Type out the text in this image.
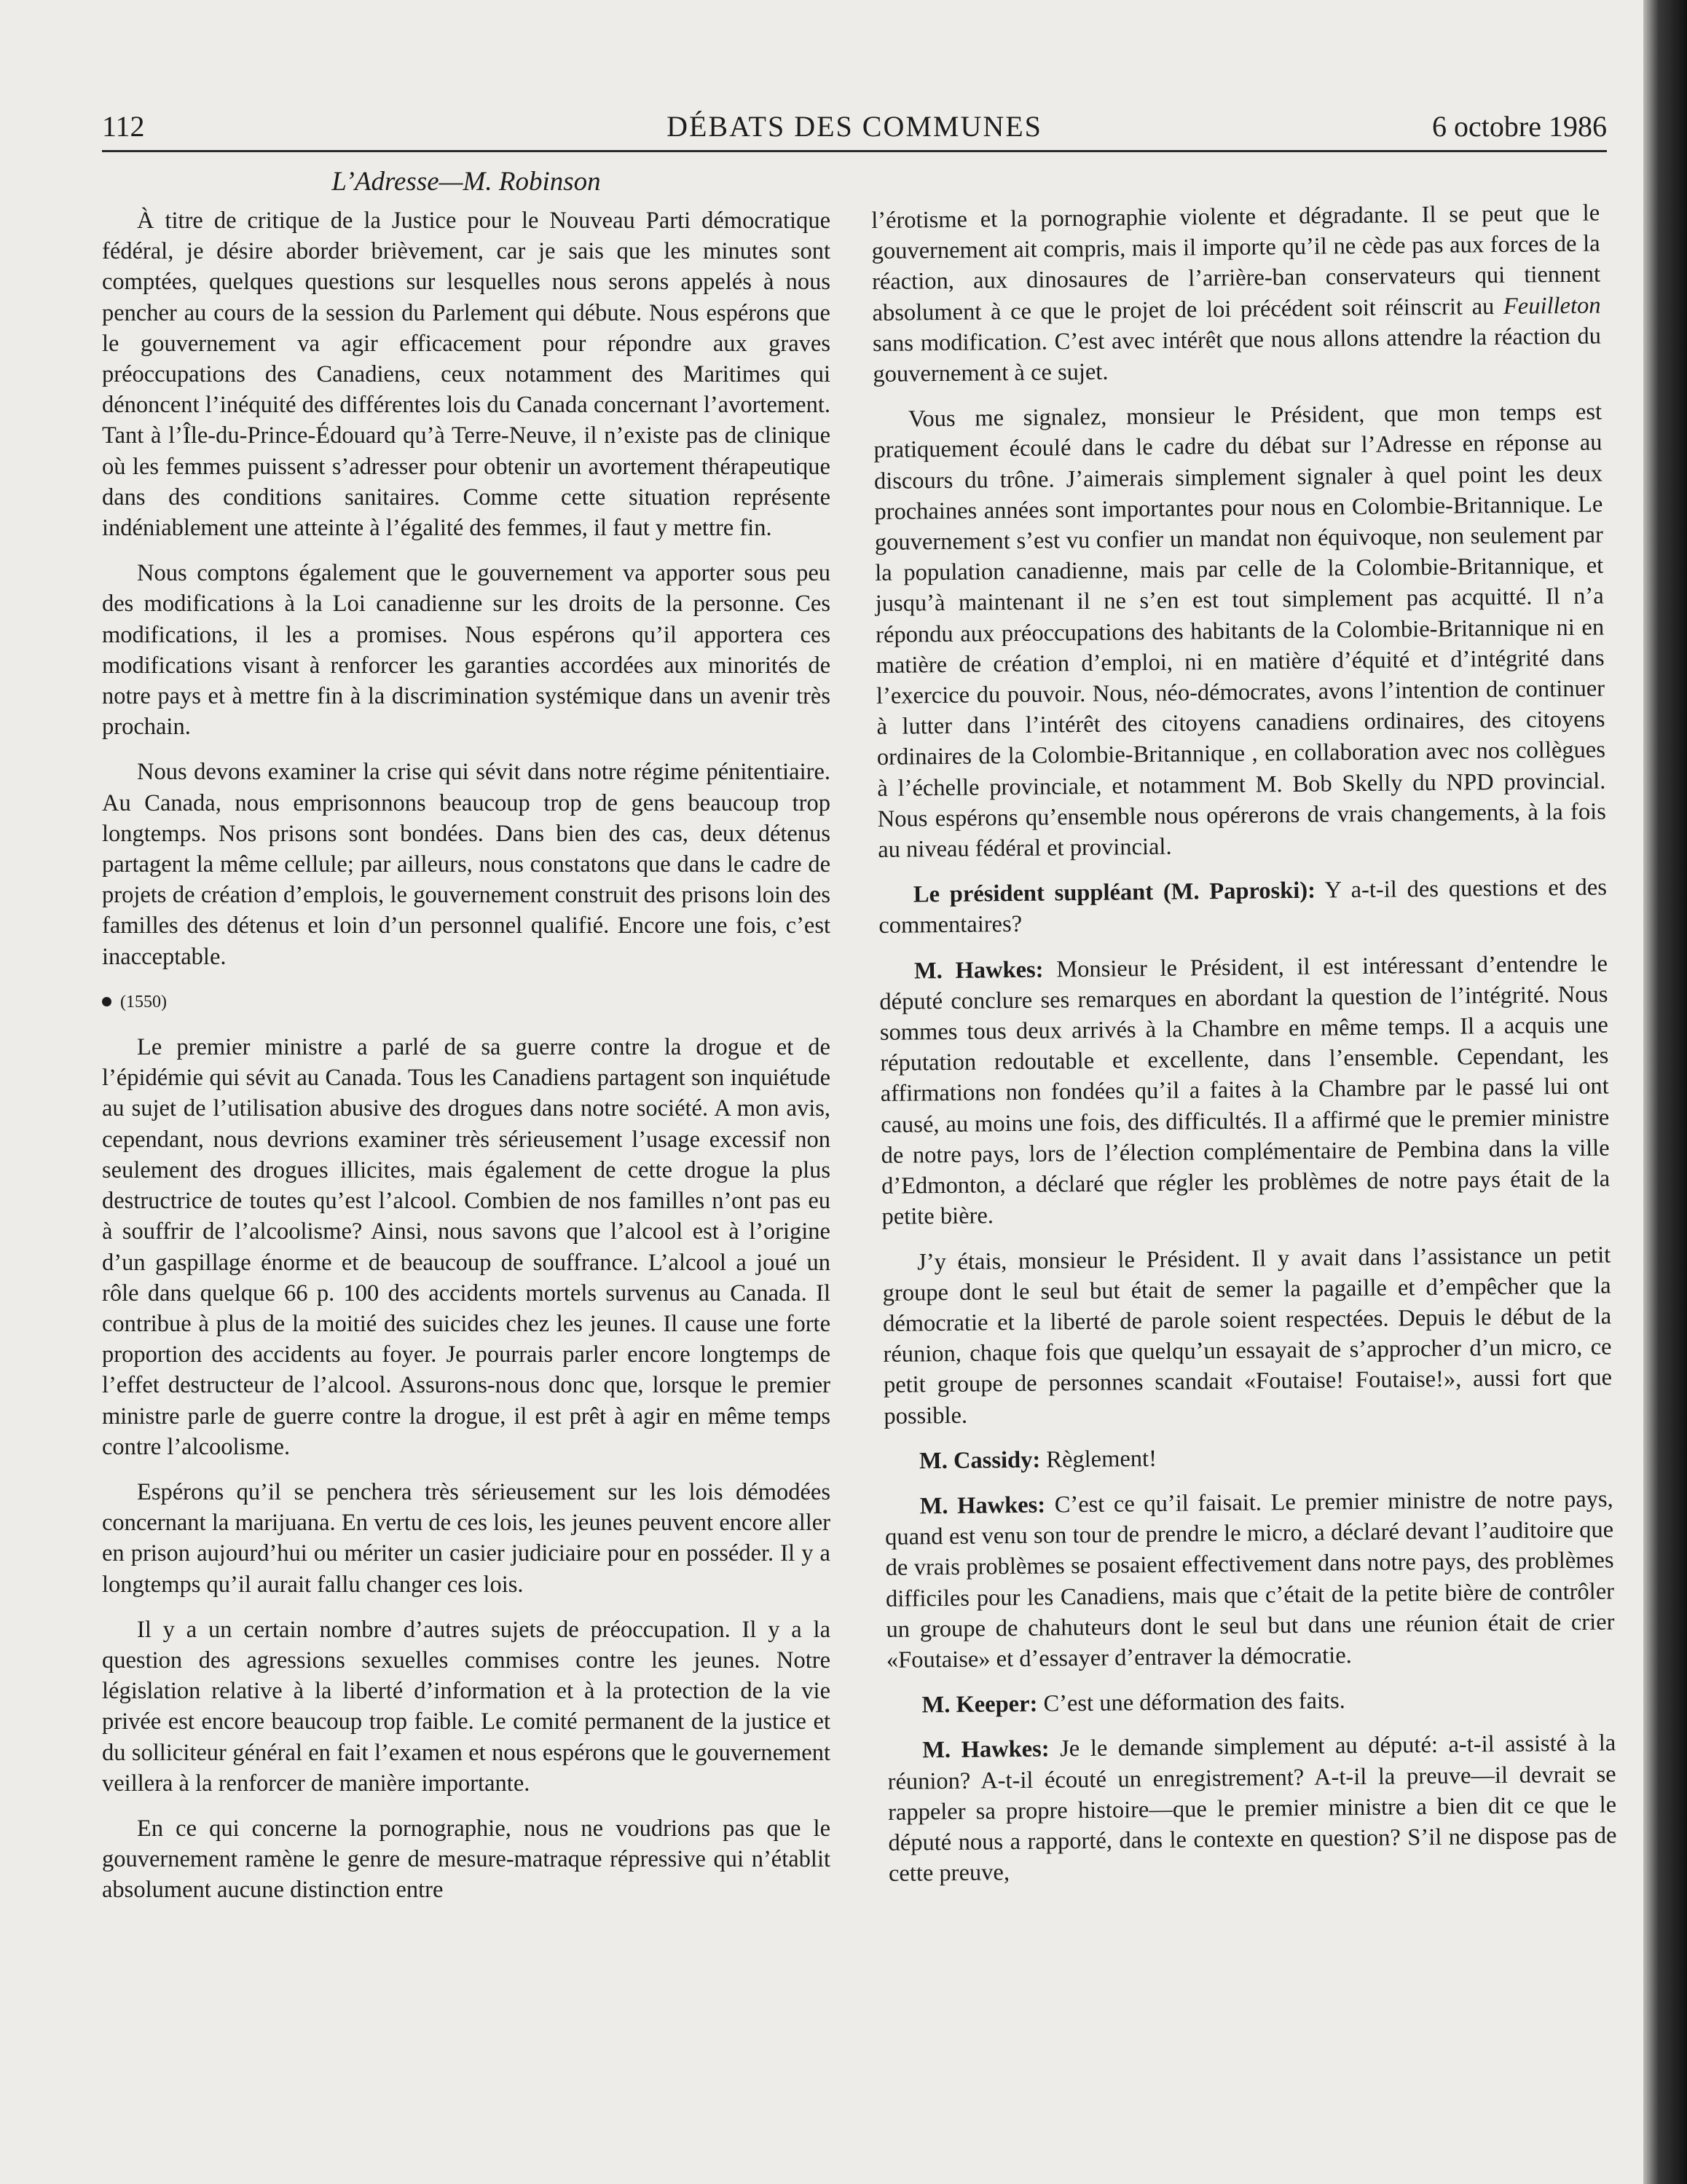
112	DÉBATS DES COMMUNES	6 octobre 1986
L’Adresse—M. Robinson

À titre de critique de la Justice pour le Nouveau Parti démocratique fédéral, je désire aborder brièvement, car je sais que les minutes sont comptées, quelques questions sur lesquelles nous serons appelés à nous pencher au cours de la session du Parlement qui débute. Nous espérons que le gouvernement va agir efficacement pour répondre aux graves préoccupations des Canadiens, ceux notamment des Maritimes qui dénoncent l’inéquité des différentes lois du Canada concernant l’avortement. Tant à l’Île-du-Prince-Édouard qu’à Terre-Neuve, il n’existe pas de clinique où les femmes puissent s’adresser pour obtenir un avortement thérapeutique dans des conditions sanitaires. Comme cette situation représente indéniablement une atteinte à l’égalité des femmes, il faut y mettre fin.

Nous comptons également que le gouvernement va apporter sous peu des modifications à la Loi canadienne sur les droits de la personne. Ces modifications, il les a promises. Nous espérons qu’il apportera ces modifications visant à renforcer les garanties accordées aux minorités de notre pays et à mettre fin à la discrimination systémique dans un avenir très prochain.

Nous devons examiner la crise qui sévit dans notre régime pénitentiaire. Au Canada, nous emprisonnons beaucoup trop de gens beaucoup trop longtemps. Nos prisons sont bondées. Dans bien des cas, deux détenus partagent la même cellule; par ailleurs, nous constatons que dans le cadre de projets de création d’emplois, le gouvernement construit des prisons loin des familles des détenus et loin d’un personnel qualifié. Encore une fois, c’est inacceptable.

(1550)

Le premier ministre a parlé de sa guerre contre la drogue et de l’épidémie qui sévit au Canada. Tous les Canadiens partagent son inquiétude au sujet de l’utilisation abusive des drogues dans notre société. A mon avis, cependant, nous devrions examiner très sérieusement l’usage excessif non seulement des drogues illicites, mais également de cette drogue la plus destructrice de toutes qu’est l’alcool. Combien de nos familles n’ont pas eu à souffrir de l’alcoolisme? Ainsi, nous savons que l’alcool est à l’origine d’un gaspillage énorme et de beaucoup de souffrance. L’alcool a joué un rôle dans quelque 66 p. 100 des accidents mortels survenus au Canada. Il contribue à plus de la moitié des suicides chez les jeunes. Il cause une forte proportion des accidents au foyer. Je pourrais parler encore longtemps de l’effet destructeur de l’alcool. Assurons-nous donc que, lorsque le premier ministre parle de guerre contre la drogue, il est prêt à agir en même temps contre l’alcoolisme.

Espérons qu’il se penchera très sérieusement sur les lois démodées concernant la marijuana. En vertu de ces lois, les jeunes peuvent encore aller en prison aujourd’hui ou mériter un casier judiciaire pour en posséder. Il y a longtemps qu’il aurait fallu changer ces lois.

Il y a un certain nombre d’autres sujets de préoccupation. Il y a la question des agressions sexuelles commises contre les jeunes. Notre législation relative à la liberté d’information et à la protection de la vie privée est encore beaucoup trop faible. Le comité permanent de la justice et du solliciteur général en fait l’examen et nous espérons que le gouvernement veillera à la renforcer de manière importante.

En ce qui concerne la pornographie, nous ne voudrions pas que le gouvernement ramène le genre de mesure-matraque répressive qui n’établit absolument aucune distinction entre

l’érotisme et la pornographie violente et dégradante. Il se peut que le gouvernement ait compris, mais il importe qu’il ne cède pas aux forces de la réaction, aux dinosaures de l’arrière-ban conservateurs qui tiennent absolument à ce que le projet de loi précédent soit réinscrit au Feuilleton sans modification. C’est avec intérêt que nous allons attendre la réaction du gouvernement à ce sujet.

Vous me signalez, monsieur le Président, que mon temps est pratiquement écoulé dans le cadre du débat sur l’Adresse en réponse au discours du trône. J’aimerais simplement signaler à quel point les deux prochaines années sont importantes pour nous en Colombie-Britannique. Le gouvernement s’est vu confier un mandat non équivoque, non seulement par la population canadienne, mais par celle de la Colombie-Britannique, et jusqu’à maintenant il ne s’en est tout simplement pas acquitté. Il n’a répondu aux préoccupations des habitants de la Colombie-Britannique ni en matière de création d’emploi, ni en matière d’équité et d’intégrité dans l’exercice du pouvoir. Nous, néo-démocrates, avons l’intention de continuer à lutter dans l’intérêt des citoyens canadiens ordinaires, des citoyens ordinaires de la Colombie-Britannique , en collaboration avec nos collègues à l’échelle provinciale, et notamment M. Bob Skelly du NPD provincial. Nous espérons qu’ensemble nous opérerons de vrais changements, à la fois au niveau fédéral et provincial.

Le président suppléant (M. Paproski): Y a-t-il des questions et des commentaires?

M. Hawkes: Monsieur le Président, il est intéressant d’entendre le député conclure ses remarques en abordant la question de l’intégrité. Nous sommes tous deux arrivés à la Chambre en même temps. Il a acquis une réputation redoutable et excellente, dans l’ensemble. Cependant, les affirmations non fondées qu’il a faites à la Chambre par le passé lui ont causé, au moins une fois, des difficultés. Il a affirmé que le premier ministre de notre pays, lors de l’élection complémentaire de Pembina dans la ville d’Edmonton, a déclaré que régler les problèmes de notre pays était de la petite bière.

J’y étais, monsieur le Président. Il y avait dans l’assistance un petit groupe dont le seul but était de semer la pagaille et d’empêcher que la démocratie et la liberté de parole soient respectées. Depuis le début de la réunion, chaque fois que quelqu’un essayait de s’approcher d’un micro, ce petit groupe de personnes scandait «Foutaise! Foutaise!», aussi fort que possible.

M. Cassidy: Règlement!

M. Hawkes: C’est ce qu’il faisait. Le premier ministre de notre pays, quand est venu son tour de prendre le micro, a déclaré devant l’auditoire que de vrais problèmes se posaient effectivement dans notre pays, des problèmes difficiles pour les Canadiens, mais que c’était de la petite bière de contrôler un groupe de chahuteurs dont le seul but dans une réunion était de crier «Foutaise» et d’essayer d’entraver la démocratie.

M. Keeper: C’est une déformation des faits.

M. Hawkes: Je le demande simplement au député: a-t-il assisté à la réunion? A-t-il écouté un enregistrement? A-t-il la preuve—il devrait se rappeler sa propre histoire—que le premier ministre a bien dit ce que le député nous a rapporté, dans le contexte en question? S’il ne dispose pas de cette preuve,
